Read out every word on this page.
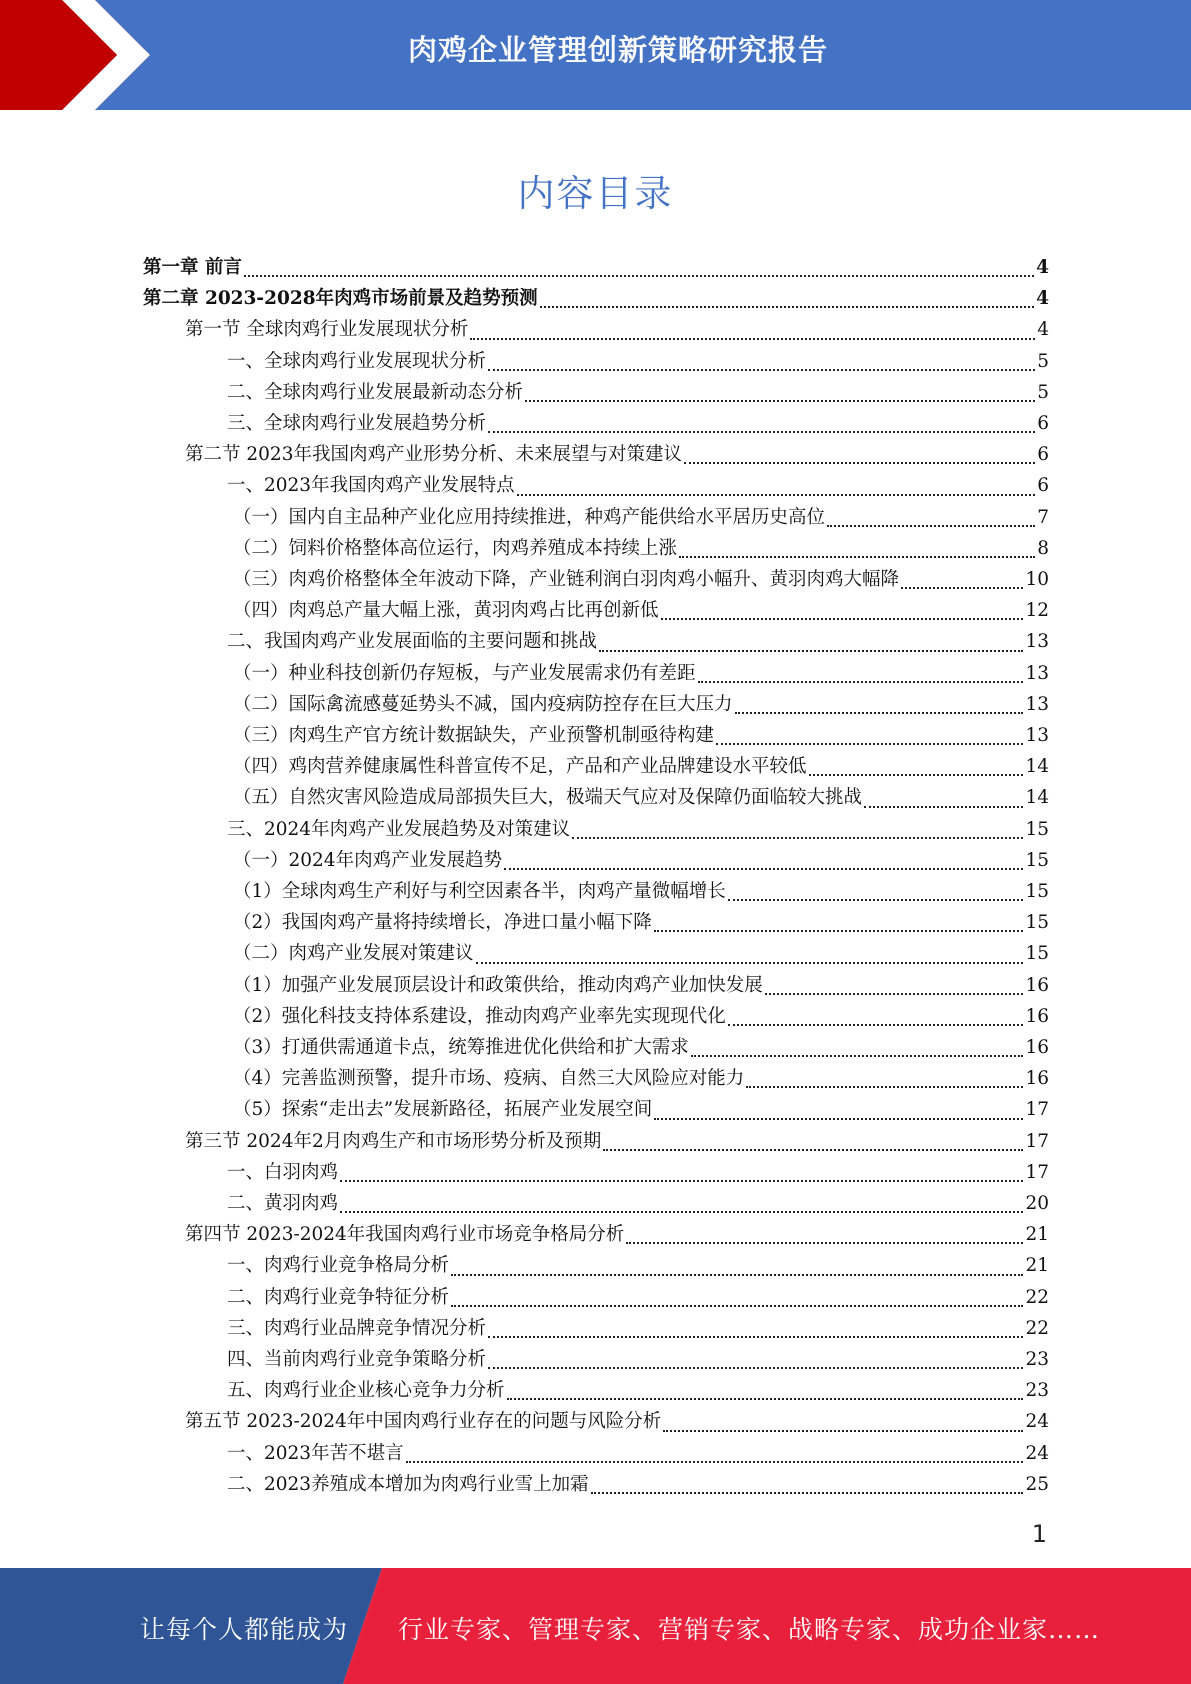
肉鸡企业管理创新策略研究报告
内容目录
第一章 前言	4
第二章 2023-2028年肉鸡市场前景及趋势预测	4
第一节 全球肉鸡行业发展现状分析	4
一、全球肉鸡行业发展现状分析	5
二、全球肉鸡行业发展最新动态分析	5
三、全球肉鸡行业发展趋势分析	6
第二节 2023年我国肉鸡产业形势分析、未来展望与对策建议	6
一、2023年我国肉鸡产业发展特点	6
（一）国内自主品种产业化应用持续推进，种鸡产能供给水平居历史高位	7
（二）饲料价格整体高位运行，肉鸡养殖成本持续上涨	8
（三）肉鸡价格整体全年波动下降，产业链利润白羽肉鸡小幅升、黄羽肉鸡大幅降	10
（四）肉鸡总产量大幅上涨，黄羽肉鸡占比再创新低	12
二、我国肉鸡产业发展面临的主要问题和挑战	13
（一）种业科技创新仍存短板，与产业发展需求仍有差距	13
（二）国际禽流感蔓延势头不减，国内疫病防控存在巨大压力	13
（三）肉鸡生产官方统计数据缺失，产业预警机制亟待构建	13
（四）鸡肉营养健康属性科普宣传不足，产品和产业品牌建设水平较低	14
（五）自然灾害风险造成局部损失巨大，极端天气应对及保障仍面临较大挑战	14
三、2024年肉鸡产业发展趋势及对策建议	15
（一）2024年肉鸡产业发展趋势	15
（1）全球肉鸡生产利好与利空因素各半，肉鸡产量微幅增长	15
（2）我国肉鸡产量将持续增长，净进口量小幅下降	15
（二）肉鸡产业发展对策建议	15
（1）加强产业发展顶层设计和政策供给，推动肉鸡产业加快发展	16
（2）强化科技支持体系建设，推动肉鸡产业率先实现现代化	16
（3）打通供需通道卡点，统筹推进优化供给和扩大需求	16
（4）完善监测预警，提升市场、疫病、自然三大风险应对能力	16
（5）探索“走出去”发展新路径，拓展产业发展空间	17
第三节 2024年2月肉鸡生产和市场形势分析及预期	17
一、白羽肉鸡	17
二、黄羽肉鸡	20
第四节 2023-2024年我国肉鸡行业市场竞争格局分析	21
一、肉鸡行业竞争格局分析	21
二、肉鸡行业竞争特征分析	22
三、肉鸡行业品牌竞争情况分析	22
四、当前肉鸡行业竞争策略分析	23
五、肉鸡行业企业核心竞争力分析	23
第五节 2023-2024年中国肉鸡行业存在的问题与风险分析	24
一、2023年苦不堪言	24
二、2023养殖成本增加为肉鸡行业雪上加霜	25
1
让每个人都能成为 行业专家、管理专家、营销专家、战略专家、成功企业家……
